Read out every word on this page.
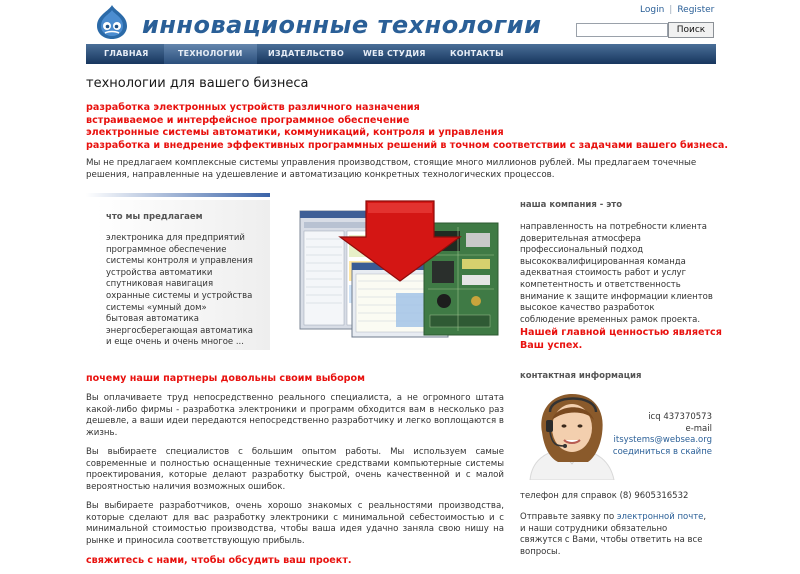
инновационные технологии
Login | Register
Поиск
ГЛАВНАЯ	ТЕХНОЛОГИИ	ИЗДАТЕЛЬСТВО WEB СТУДИЯ	КОНТАКТЫ
технологии для вашего бизнеса
разработка электронных устройств различного назначения
встраиваемое и интерфейсное программное обеспечение
электронные системы автоматики, коммуникаций, контроля и управления
разработка и внедрение эффективных программных решений в точном соответствии с задачами вашего бизнеса.
Мы не предлагаем комплексные системы управления производством, стоящие много миллионов рублей. Мы предлагаем точечные решения, направленные на удешевление и автоматизацию конкретных технологических процессов.
что мы предлагаем
электроника для предприятий
программное обеспечение
системы контроля и управления
устройства автоматики
спутниковая навигация
охранные системы и устройства
системы «умный дом»
бытовая автоматика
энергосберегающая автоматика
и еще очень и очень многое ...
наша компания - это
направленность на потребности клиента
доверительная атмосфера
профессиональный подход
высококвалифицированная команда
адекватная стоимость работ и услуг
компетентность и ответственность
внимание к защите информации клиентов
высокое качество разработок
соблюдение временных рамок проекта.
Нашей главной ценностью является
Ваш успех.
почему наши партнеры довольны своим выбором
Вы оплачиваете труд непосредственно реального специалиста, а не огромного штата какой-либо фирмы - разработка электроники и программ обходится вам в несколько раз дешевле, а ваши идеи передаются непосредственно разработчику и легко воплощаются в жизнь.
Вы выбираете специалистов с большим опытом работы. Мы используем самые современные и полностью оснащенные технические средствами компьютерные системы проектирования, которые делают разработку быстрой, очень качественной и с малой вероятностью наличия возможных ошибок.
Вы выбираете разработчиков, очень хорошо знакомых с реальностями производства, которые сделают для вас разработку электроники с минимальной себестоимостью и с минимальной стоимостью производства, чтобы ваша идея удачно заняла свою нишу на рынке и приносила соответствующую прибыль.
свяжитесь с нами, чтобы обсудить ваш проект.
контактная информация
icq 437370573
e-mail
itsystems@websea.org
соединиться в скайпе
телефон для справок (8) 9605316532
Отправьте заявку по электронной почте, и наши сотрудники обязательно свяжутся с Вами, чтобы ответить на все вопросы.
